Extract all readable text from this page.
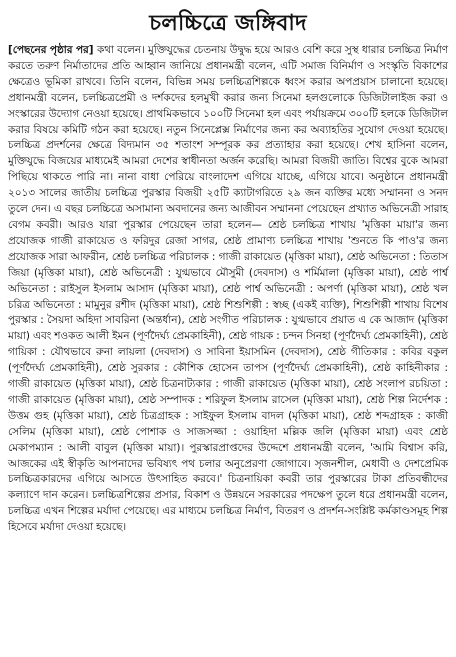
চলচ্চিত্রে জঙ্গিবাদ

[পেছনের পৃষ্ঠার পর] কথা বলেন। মুক্তিযুদ্ধের চেতনায় উদ্বুদ্ধ হয়ে আরও বেশি করে সুস্থ ধারার চলচ্চিত্র নির্মাণ করতে তরুণ নির্মাতাদের প্রতি আহ্বান জানিয়ে প্রধানমন্ত্রী বলেন, এটি সমাজ বিনির্মাণ ও সংস্কৃতি বিকাশের ক্ষেত্রেও ভূমিকা রাখবে। তিনি বলেন, বিভিন্ন সময় চলচ্চিত্রশিল্পকে ধ্বংস করার অপপ্রয়াস চালানো হয়েছে। প্রধানমন্ত্রী বলেন, চলচ্চিত্রপ্রেমী ও দর্শকদের হলমুখী করার জন্য সিনেমা হলগুলোকে ডিজিটালাইজ করা ও সংস্কারের উদ্যোগ নেওয়া হয়েছে। প্রাথমিকভাবে ১০০টি সিনেমা হল এবং পর্যায়ক্রমে ৩০০টি হলকে ডিজিটাল করার বিষয়ে কমিটি গঠন করা হয়েছে। নতুন সিনেপ্লেক্স নির্মাণের জন্য কর অব্যাহতির সুযোগ দেওয়া হয়েছে। চলচ্চিত্র প্রদর্শনের ক্ষেত্রে বিদ্যমান ৩৫ শতাংশ সম্পূরক কর প্রত্যাহার করা হয়েছে। শেখ হাসিনা বলেন, মুক্তিযুদ্ধে বিজয়ের মাধ্যমেই আমরা দেশের স্বাধীনতা অর্জন করেছি। আমরা বিজয়ী জাতি। বিশ্বের বুকে আমরা পিছিয়ে থাকতে পারি না। নানা বাধা পেরিয়ে বাংলাদেশ এগিয়ে যাচ্ছে, এগিয়ে যাবে। অনুষ্ঠানে প্রধানমন্ত্রী ২০১৩ সালের জাতীয় চলচ্চিত্র পুরস্কার বিজয়ী ২৫টি ক্যাটাগরিতে ২৯ জন ব্যক্তির মধ্যে সম্মাননা ও সনদ তুলে দেন। এ বছর চলচ্চিত্রে অসামান্য অবদানের জন্য আজীবন সম্মাননা পেয়েছেন প্রখ্যাত অভিনেত্রী সারাহ বেগম কবরী। আরও যারা পুরস্কার পেয়েছেন তারা হলেন— শ্রেষ্ঠ চলচ্চিত্র শাখায় 'মৃত্তিকা মায়া'র জন্য প্রযোজক গাজী রাকায়েত ও ফরিদুর রেজা সাগর, শ্রেষ্ঠ প্রামাণ্য চলচ্চিত্র শাখায় 'শুনতে কি পাও'র জন্য প্রযোজক সারা আফরীন, শ্রেষ্ঠ চলচ্চিত্র পরিচালক : গাজী রাকায়েত (মৃত্তিকা মায়া), শ্রেষ্ঠ অভিনেতা : তিতাস জিয়া (মৃত্তিকা মায়া), শ্রেষ্ঠ অভিনেত্রী : যুগ্মভাবে মৌসুমী (দেবদাস) ও শর্মিমালা (মৃত্তিকা মায়া), শ্রেষ্ঠ পার্শ্ব অভিনেতা : রাইসুল ইসলাম আসাদ (মৃত্তিকা মায়া), শ্রেষ্ঠ পার্শ্ব অভিনেত্রী : অপর্ণা (মৃত্তিকা মায়া), শ্রেষ্ঠ খল চরিত্র অভিনেতা : মামুনুর রশীদ (মৃত্তিকা মায়া), শ্রেষ্ঠ শিশুশিল্পী : স্বচ্ছ (একই ব্যক্তি), শিশুশিল্পী শাখায় বিশেষ পুরস্কার : সৈয়দা অহিদা সাবরিনা (অন্তর্ধান), শ্রেষ্ঠ সংগীত পরিচালক : যুগ্মভাবে প্রয়াত এ কে আজাদ (মৃত্তিকা মায়া) এবং শওকত আলী ইমন (পূর্ণদৈর্ঘ্য প্রেমকাহিনী), শ্রেষ্ঠ গায়ক : চন্দন সিনহা (পূর্ণদৈর্ঘ্য প্রেমকাহিনী), শ্রেষ্ঠ গায়িকা : যৌথভাবে রুনা লায়লা (দেবদাস) ও সাবিনা ইয়াসমিন (দেবদাস), শ্রেষ্ঠ গীতিকার : কবির বকুল (পূর্ণদৈর্ঘ্য প্রেমকাহিনী), শ্রেষ্ঠ সুরকার : কৌশিক হোসেন তাপস (পূর্ণদৈর্ঘ্য প্রেমকাহিনী), শ্রেষ্ঠ কাহিনীকার : গাজী রাকায়েত (মৃত্তিকা মায়া), শ্রেষ্ঠ চিত্রনাট্যকার : গাজী রাকায়েত (মৃত্তিকা মায়া), শ্রেষ্ঠ সংলাপ রচয়িতা : গাজী রাকায়েত (মৃত্তিকা মায়া), শ্রেষ্ঠ সম্পাদক : শরিফুল ইসলাম রাসেল (মৃত্তিকা মায়া), শ্রেষ্ঠ শিল্প নির্দেশক : উত্তম গুহ (মৃত্তিকা মায়া), শ্রেষ্ঠ চিত্রগ্রাহক : সাইফুল ইসলাম বাদল (মৃত্তিকা মায়া), শ্রেষ্ঠ শব্দগ্রাহক : কাজী সেলিম (মৃত্তিকা মায়া), শ্রেষ্ঠ পোশাক ও সাজসজ্জা : ওয়াহিদা মল্লিক জলি (মৃত্তিকা মায়া) এবং শ্রেষ্ঠ মেকাপম্যান : আলী বাবুল (মৃত্তিকা মায়া)। পুরস্কারপ্রাপ্তদের উদ্দেশে প্রধানমন্ত্রী বলেন, 'আমি বিশ্বাস করি, আজকের এই স্বীকৃতি আপনাদের ভবিষ্যৎ পথ চলার অনুপ্রেরণা জোগাবে। সৃজনশীল, মেধাবী ও দেশপ্রেমিক চলচ্চিত্রকারদের এগিয়ে আসতে উৎসাহিত করবে।' চিত্রনায়িকা কবরী তার পুরস্কারের টাকা প্রতিবন্ধীদের কল্যাণে দান করেন। চলচ্চিত্রশিল্পের প্রসার, বিকাশ ও উন্নয়নে সরকারের পদক্ষেপ তুলে ধরে প্রধানমন্ত্রী বলেন, চলচ্চিত্র এখন শিল্পের মর্যাদা পেয়েছে। এর মাধ্যমে চলচ্চিত্র নির্মাণ, বিতরণ ও প্রদর্শন-সংশ্লিষ্ট কর্মকাণ্ডসমূহ শিল্প হিসেবে মর্যাদা দেওয়া হয়েছে।
